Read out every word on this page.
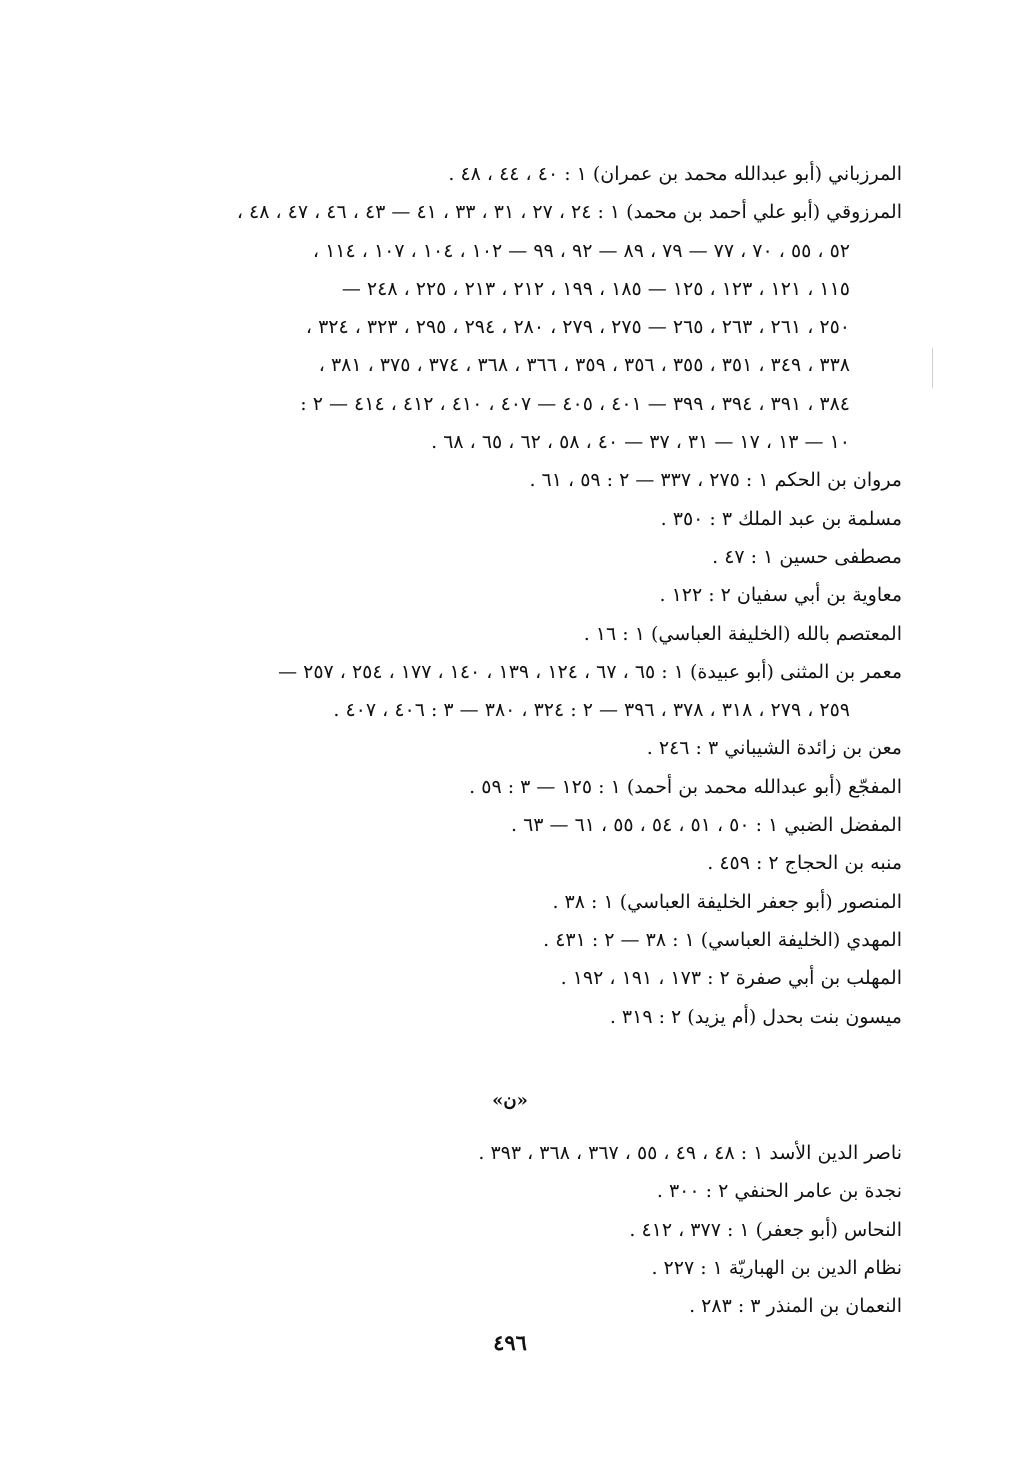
المرزباني (أبو عبدالله محمد بن عمران) ١ : ٤٠ ، ٤٤ ، ٤٨ .
المرزوقي (أبو علي أحمد بن محمد) ١ : ٢٤ ، ٢٧ ، ٣١ ، ٣٣ ، ٤١ — ٤٣ ، ٤٦ ، ٤٧ ، ٤٨ ،
٥٢ ، ٥٥ ، ٧٠ ، ٧٧ — ٧٩ ، ٨٩ — ٩٢ ، ٩٩ — ١٠٢ ، ١٠٤ ، ١٠٧ ، ١١٤ ،
١١٥ ، ١٢١ ، ١٢٣ ، ١٢٥ — ١٨٥ ، ١٩٩ ، ٢١٢ ، ٢١٣ ، ٢٢٥ ، ٢٤٨ —
٢٥٠ ، ٢٦١ ، ٢٦٣ ، ٢٦٥ — ٢٧٥ ، ٢٧٩ ، ٢٨٠ ، ٢٩٤ ، ٢٩٥ ، ٣٢٣ ، ٣٢٤ ،
٣٣٨ ، ٣٤٩ ، ٣٥١ ، ٣٥٥ ، ٣٥٦ ، ٣٥٩ ، ٣٦٦ ، ٣٦٨ ، ٣٧٤ ، ٣٧٥ ، ٣٨١ ،
٣٨٤ ، ٣٩١ ، ٣٩٤ ، ٣٩٩ — ٤٠١ ، ٤٠٥ — ٤٠٧ ، ٤١٠ ، ٤١٢ ، ٤١٤ — ٢ :
١٠ — ١٣ ، ١٧ — ٣١ ، ٣٧ — ٤٠ ، ٥٨ ، ٦٢ ، ٦٥ ، ٦٨ .
مروان بن الحكم ١ : ٢٧٥ ، ٣٣٧ — ٢ : ٥٩ ، ٦١ .
مسلمة بن عبد الملك ٣ : ٣٥٠ .
مصطفى حسين ١ : ٤٧ .
معاوية بن أبي سفيان ٢ : ١٢٢ .
المعتصم بالله (الخليفة العباسي) ١ : ١٦ .
معمر بن المثنى (أبو عبيدة) ١ : ٦٥ ، ٦٧ ، ١٢٤ ، ١٣٩ ، ١٤٠ ، ١٧٧ ، ٢٥٤ ، ٢٥٧ —
٢٥٩ ، ٢٧٩ ، ٣١٨ ، ٣٧٨ ، ٣٩٦ — ٢ : ٣٢٤ ، ٣٨٠ — ٣ : ٤٠٦ ، ٤٠٧ .
معن بن زائدة الشيباني ٣ : ٢٤٦ .
المفجّع (أبو عبدالله محمد بن أحمد) ١ : ١٢٥ — ٣ : ٥٩ .
المفضل الضبي ١ : ٥٠ ، ٥١ ، ٥٤ ، ٥٥ ، ٦١ — ٦٣ .
منبه بن الحجاج ٢ : ٤٥٩ .
المنصور (أبو جعفر الخليفة العباسي) ١ : ٣٨ .
المهدي (الخليفة العباسي) ١ : ٣٨ — ٢ : ٤٣١ .
المهلب بن أبي صفرة ٢ : ١٧٣ ، ١٩١ ، ١٩٢ .
ميسون بنت بحدل (أم يزيد) ٢ : ٣١٩ .
«ن»
ناصر الدين الأسد ١ : ٤٨ ، ٤٩ ، ٥٥ ، ٣٦٧ ، ٣٦٨ ، ٣٩٣ .
نجدة بن عامر الحنفي ٢ : ٣٠٠ .
النحاس (أبو جعفر) ١ : ٣٧٧ ، ٤١٢ .
نظام الدين بن الهباريّة ١ : ٢٢٧ .
النعمان بن المنذر ٣ : ٢٨٣ .
٤٩٦
